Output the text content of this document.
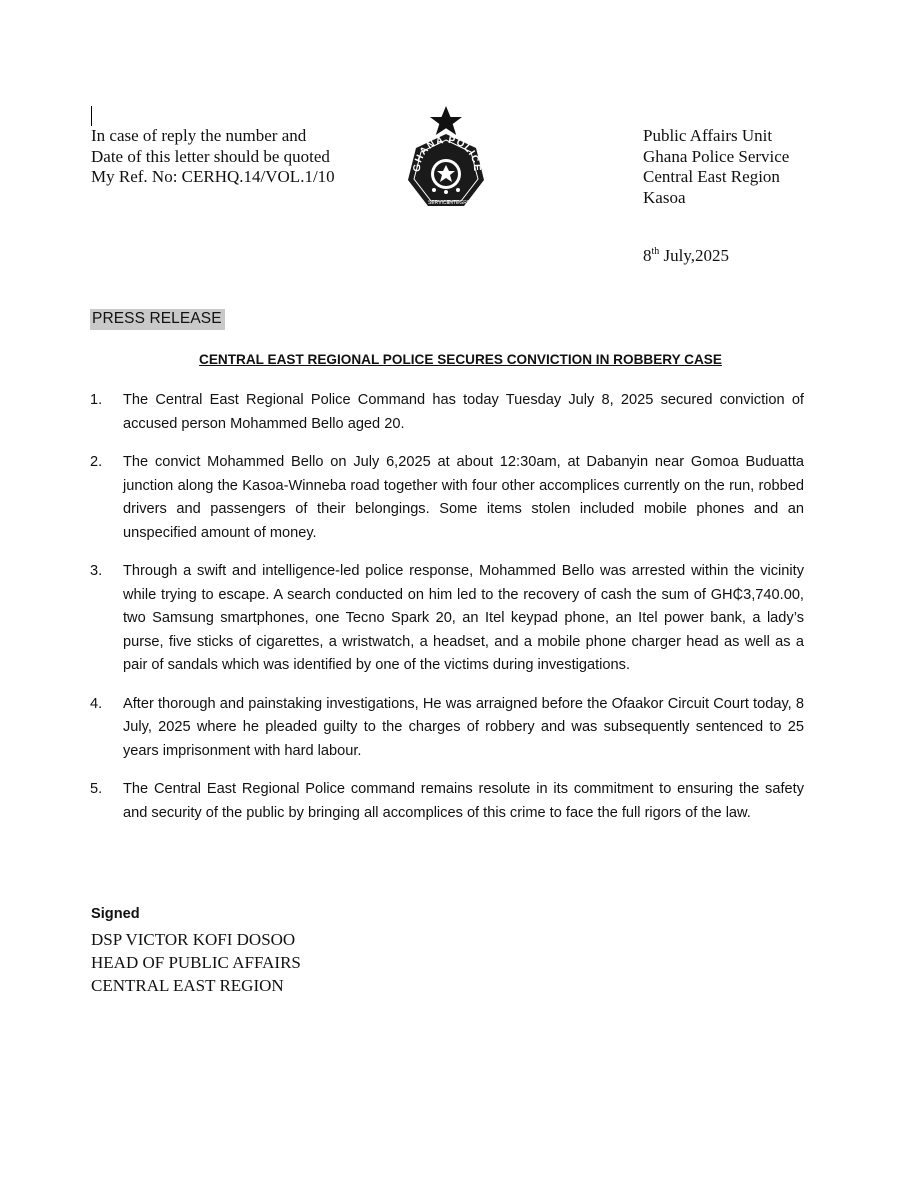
In case of reply the number and
Date of this letter should be quoted
My Ref. No: CERHQ.14/VOL.1/10	GHANA POLICE
SERVICE
INTEGRITY
Public Affairs Unit
Ghana Police Service
Central East Region
Kasoa
8th July,2025
PRESS RELEASE
CENTRAL EAST REGIONAL POLICE SECURES CONVICTION IN ROBBERY CASE
1.	The Central East Regional Police Command has today Tuesday July 8, 2025 secured conviction of accused person Mohammed Bello aged 20.
2.	The convict Mohammed Bello on July 6,2025 at about 12:30am, at Dabanyin near Gomoa Buduatta junction along the Kasoa-Winneba road together with four other accomplices currently on the run, robbed drivers and passengers of their belongings. Some items stolen included mobile phones and an unspecified amount of money.
3.	Through a swift and intelligence-led police response, Mohammed Bello was arrested within the vicinity while trying to escape. A search conducted on him led to the recovery of cash the sum of GH₵3,740.00, two Samsung smartphones, one Tecno Spark 20, an Itel keypad phone, an Itel power bank, a lady’s purse, five sticks of cigarettes, a wristwatch, a headset, and a mobile phone charger head as well as a pair of sandals which was identified by one of the victims during investigations.
4.	After thorough and painstaking investigations, He was arraigned before the Ofaakor Circuit Court today, 8 July, 2025 where he pleaded guilty to the charges of robbery and was subsequently sentenced to 25 years imprisonment with hard labour.
5.	The Central East Regional Police command remains resolute in its commitment to ensuring the safety and security of the public by bringing all accomplices of this crime to face the full rigors of the law.
Signed
DSP VICTOR KOFI DOSOO
HEAD OF PUBLIC AFFAIRS
CENTRAL EAST REGION
